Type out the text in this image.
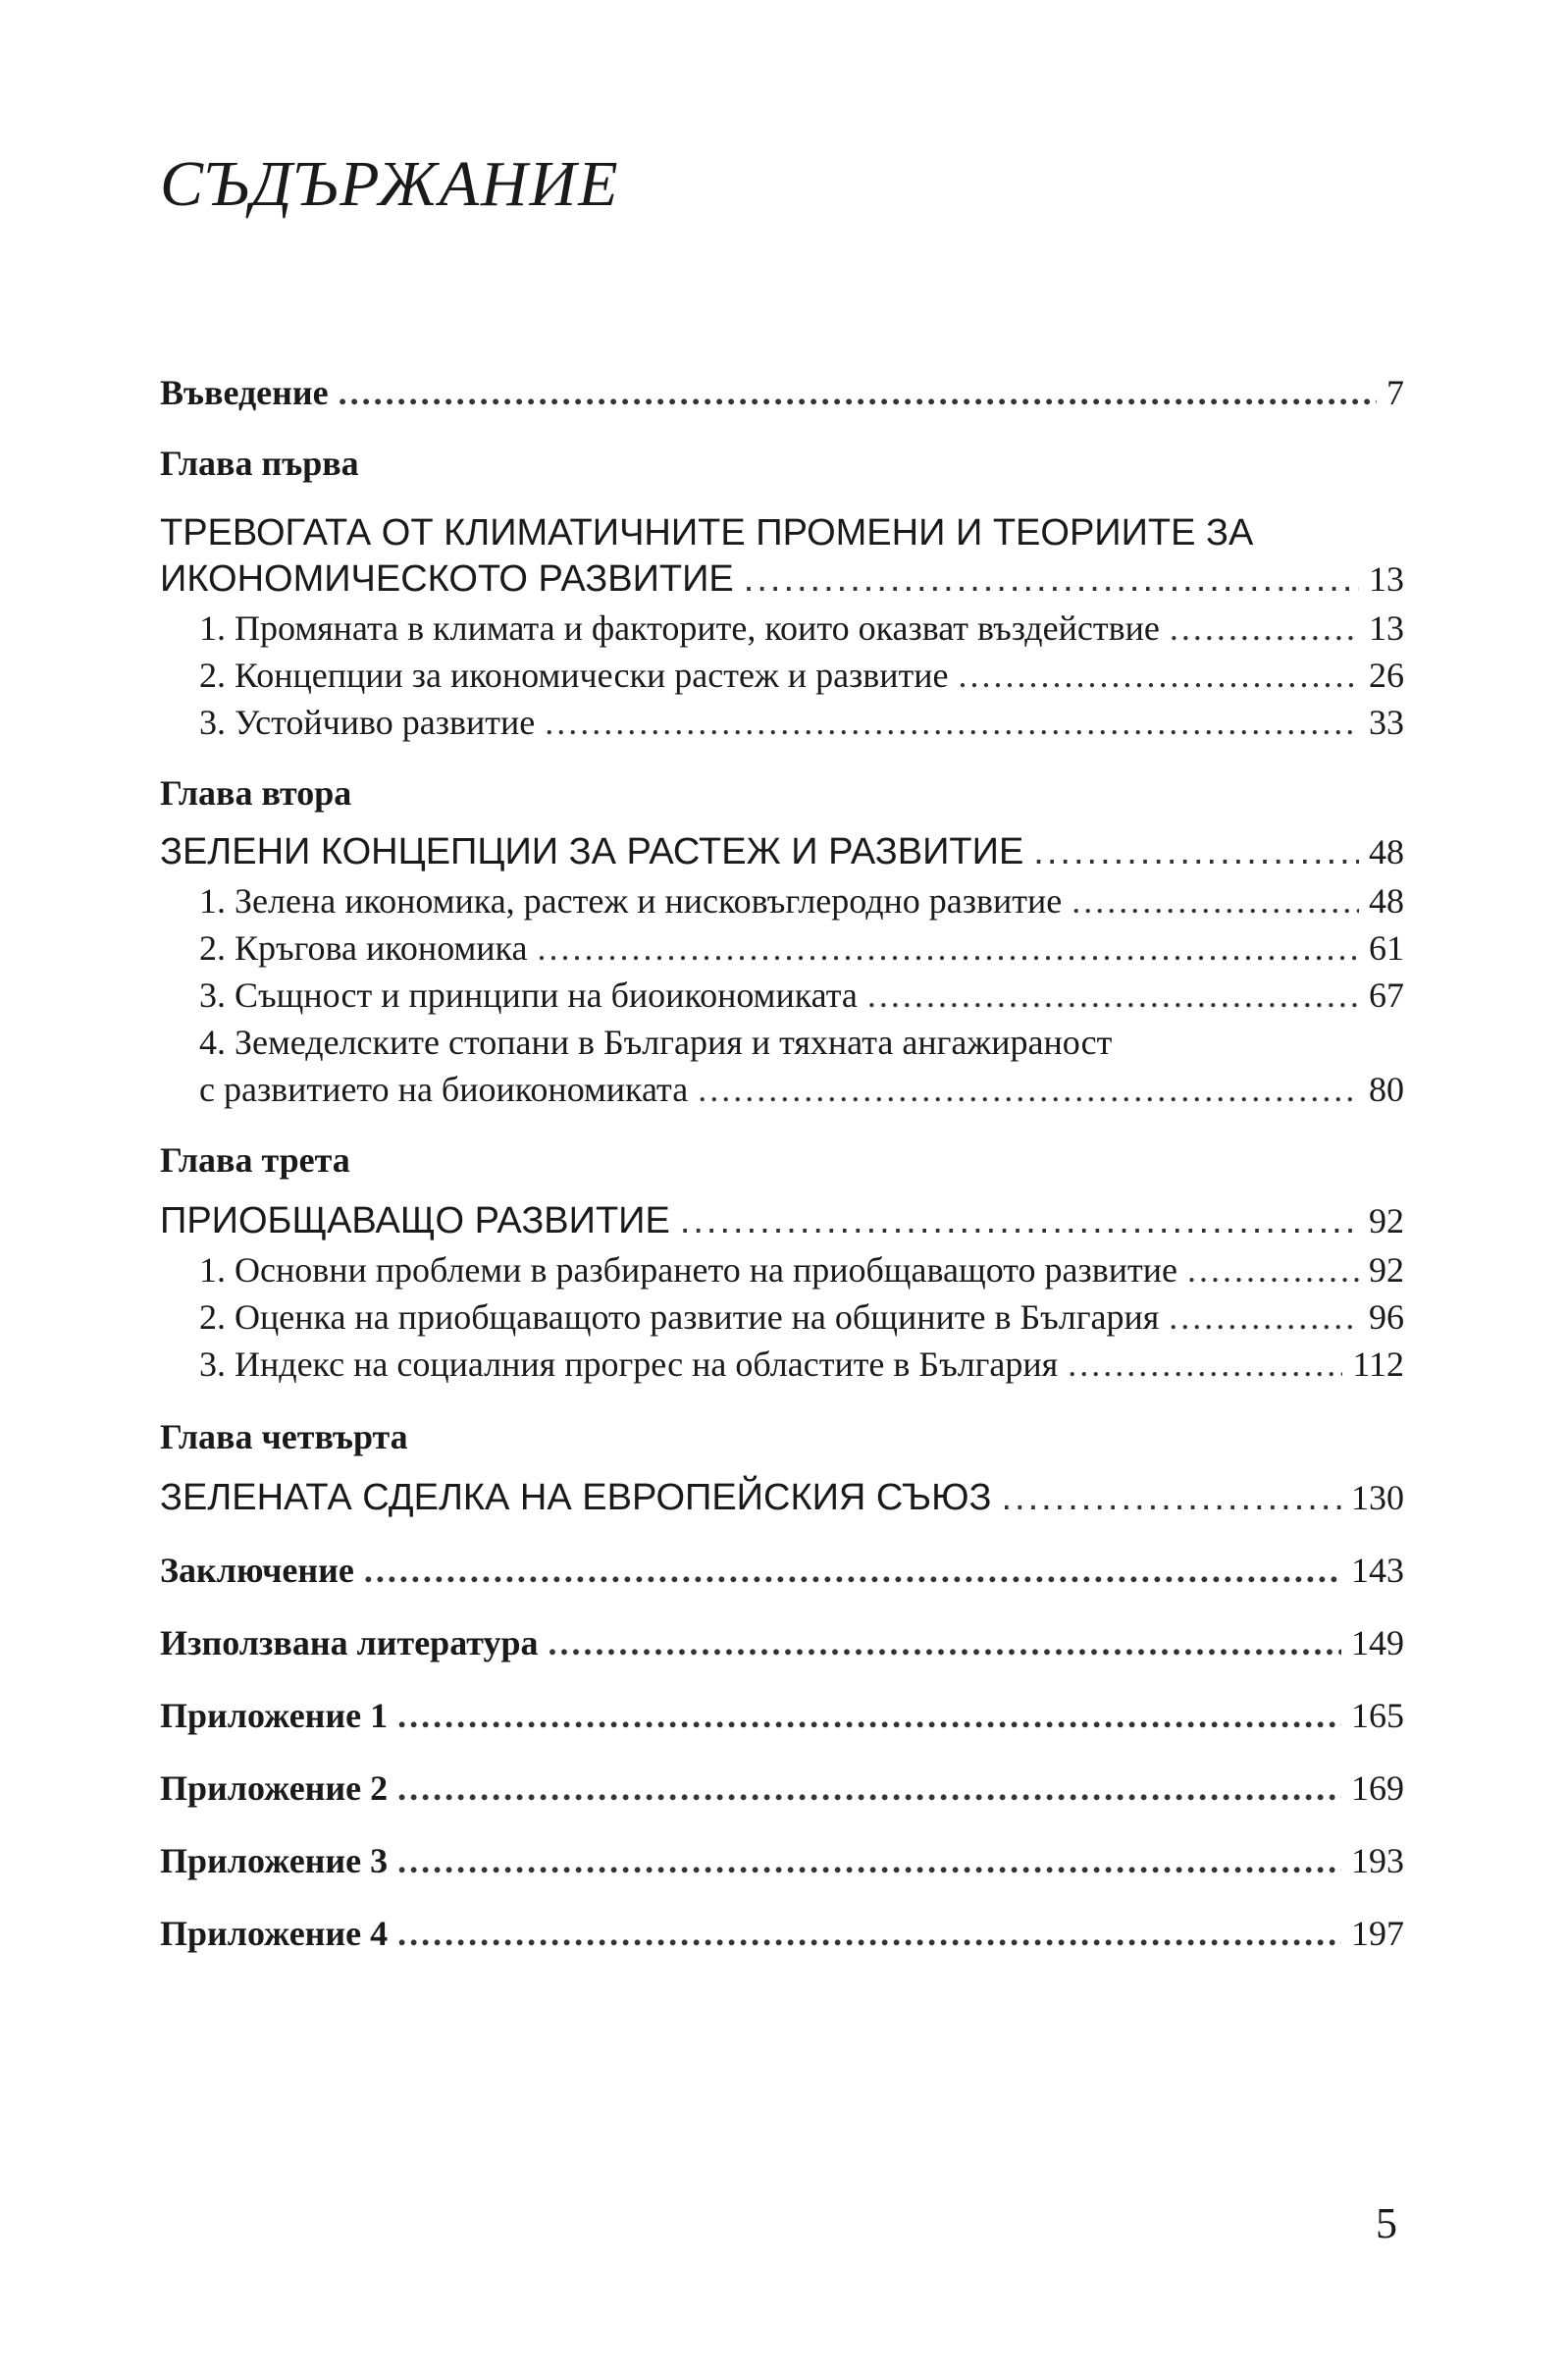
СЪДЪРЖАНИЕ
Въведение .....	7
Глава първа
ТРЕВОГАТА ОТ КЛИМАТИЧНИТЕ ПРОМЕНИ И ТЕОРИИТЕ ЗА
ИКОНОМИЧЕСКОТО РАЗВИТИЕ .....	13
1. Промяната в климата и факторите, които оказват въздействие .....	13
2. Концепции за икономически растеж и развитие .....	26
3. Устойчиво развитие .....	33
Глава втора
ЗЕЛЕНИ КОНЦЕПЦИИ ЗА РАСТЕЖ И РАЗВИТИЕ .....	48
1. Зелена икономика, растеж и нисковъглеродно развитие .....	48
2. Кръгова икономика .....	61
3. Същност и принципи на биоикономиката .....	67
4. Земеделските стопани в България и тяхната ангажираност
с развитието на биоикономиката .....	80
Глава трета
ПРИОБЩАВАЩО РАЗВИТИЕ .....	92
1. Основни проблеми в разбирането на приобщаващото развитие .....	92
2. Оценка на приобщаващото развитие на общините в България .....	96
3. Индекс на социалния прогрес на областите в България .....	112
Глава четвърта
ЗЕЛЕНАТА СДЕЛКА НА ЕВРОПЕЙСКИЯ СЪЮЗ .....	130
Заключение .....	143
Използвана литература .....	149
Приложение 1 .....	165
Приложение 2 .....	169
Приложение 3 .....	193
Приложение 4 .....	197
5
